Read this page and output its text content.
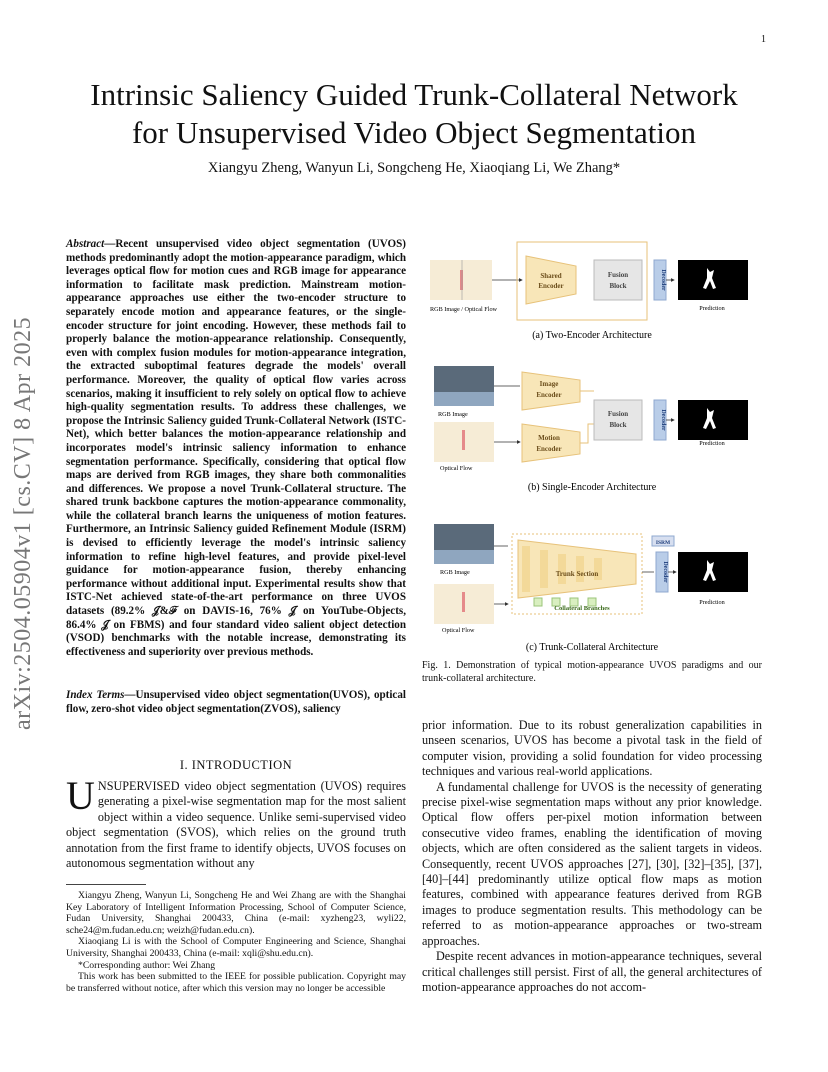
1
Intrinsic Saliency Guided Trunk-Collateral Network
for Unsupervised Video Object Segmentation
Xiangyu Zheng, Wanyun Li, Songcheng He, Xiaoqiang Li, We Zhang*
arXiv:2504.05904v1 [cs.CV] 8 Apr 2025
Abstract—Recent unsupervised video object segmentation (UVOS) methods predominantly adopt the motion-appearance paradigm, which leverages optical flow for motion cues and RGB image for appearance information to facilitate mask prediction. Mainstream motion-appearance approaches use either the two-encoder structure to separately encode motion and appearance features, or the single-encoder structure for joint encoding. However, these methods fail to properly balance the motion-appearance relationship. Consequently, even with complex fusion modules for motion-appearance integration, the extracted suboptimal features degrade the models' overall performance. Moreover, the quality of optical flow varies across scenarios, making it insufficient to rely solely on optical flow to achieve high-quality segmentation results. To address these challenges, we propose the Intrinsic Saliency guided Trunk-Collateral Network (ISTC-Net), which better balances the motion-appearance relationship and incorporates model's intrinsic saliency information to enhance segmentation performance. Specifically, considering that optical flow maps are derived from RGB images, they share both commonalities and differences. We propose a novel Trunk-Collateral structure. The shared trunk backbone captures the motion-appearance commonality, while the collateral branch learns the uniqueness of motion features. Furthermore, an Intrinsic Saliency guided Refinement Module (ISRM) is devised to efficiently leverage the model's intrinsic saliency information to refine high-level features, and provide pixel-level guidance for motion-appearance fusion, thereby enhancing performance without additional input. Experimental results show that ISTC-Net achieved state-of-the-art performance on three UVOS datasets (89.2% 𝒥&ℱ on DAVIS-16, 76% 𝒥 on YouTube-Objects, 86.4% 𝒥 on FBMS) and four standard video salient object detection (VSOD) benchmarks with the notable increase, demonstrating its effectiveness and superiority over previous methods.
Index Terms—Unsupervised video object segmentation(UVOS), optical flow, zero-shot video object segmentation(ZVOS), saliency
I. INTRODUCTION
UNSUPERVISED video object segmentation (UVOS) requires generating a pixel-wise segmentation map for the most salient object within a video sequence. Unlike semi-supervised video object segmentation (SVOS), which relies on the ground truth annotation from the first frame to identify objects, UVOS focuses on autonomous segmentation without any

Xiangyu Zheng, Wanyun Li, Songcheng He and Wei Zhang are with the Shanghai Key Laboratory of Intelligent Information Processing, School of Computer Science, Fudan University, Shanghai 200433, China (e-mail: xyzheng23, wyli22, sche24@m.fudan.edu.cn; weizh@fudan.edu.cn).

Xiaoqiang Li is with the School of Computer Engineering and Science, Shanghai University, Shanghai 200433, China (e-mail: xqli@shu.edu.cn).

*Corresponding author: Wei Zhang

This work has been submitted to the IEEE for possible publication. Copyright may be transferred without notice, after which this version may no longer be accessible

prior information. Due to its robust generalization capabilities in unseen scenarios, UVOS has become a pivotal task in the field of computer vision, providing a solid foundation for video processing techniques and various real-world applications.

A fundamental challenge for UVOS is the necessity of generating precise pixel-wise segmentation maps without any prior knowledge. Optical flow offers per-pixel motion information between consecutive video frames, enabling the identification of moving objects, which are often considered as the salient targets in videos. Consequently, recent UVOS approaches [27], [30], [32]–[35], [37], [40]–[44] predominantly utilize optical flow maps as motion features, combined with appearance features derived from RGB images to produce segmentation results. This methodology can be referred to as motion-appearance approaches or two-stream approaches.

Despite recent advances in motion-appearance techniques, several critical challenges still persist. First of all, the general architectures of motion-appearance approaches do not accom-

RGB Image / Optical Flow
Shared
Encoder
Fusion
Block	Decoder
Prediction
(a) Two-Encoder Architecture
RGB Image
Optical Flow
Image
Encoder
Motion
Encoder
Fusion
Block	Decoder
Prediction
(b) Single-Encoder Architecture
RGB Image
Optical Flow
Trunk Section
Collateral Branches
ISRM
Decoder
Prediction
(c) Trunk-Collateral Architecture
Fig. 1. Demonstration of typical motion-appearance UVOS paradigms and our trunk-collateral architecture.
